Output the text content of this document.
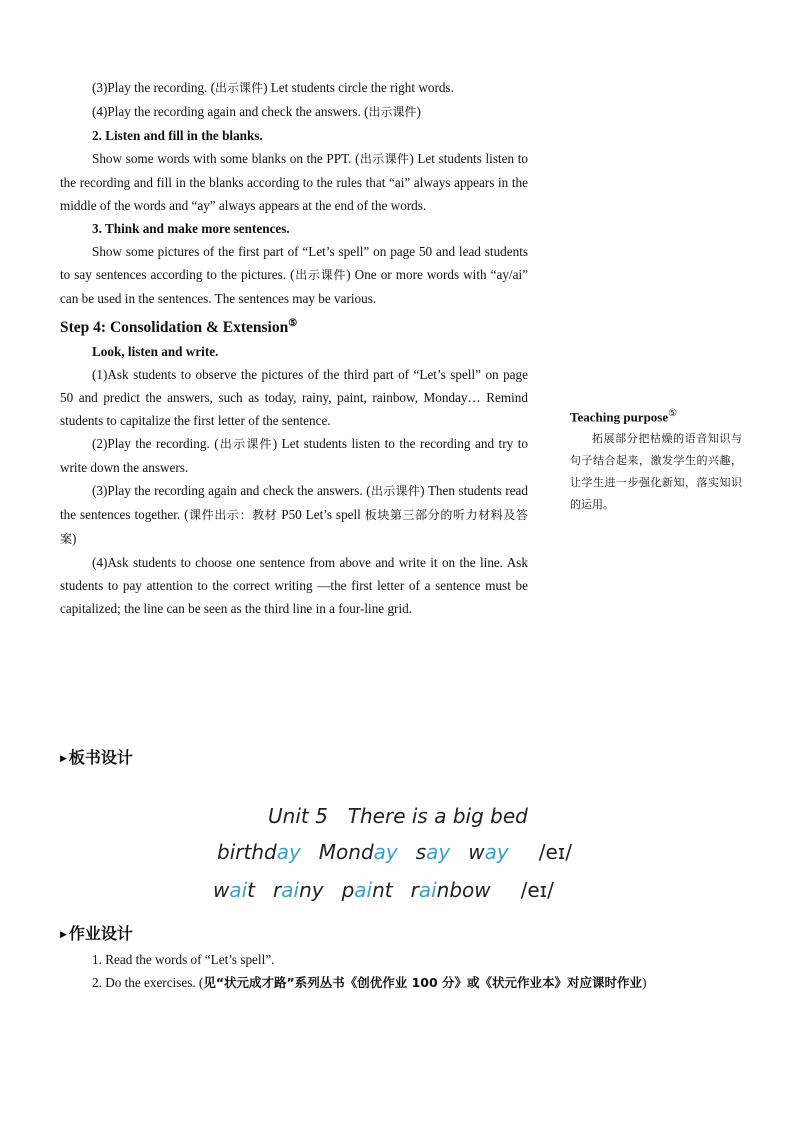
(3)Play the recording. (出示课件) Let students circle the right words.

(4)Play the recording again and check the answers. (出示课件)

2. Listen and fill in the blanks.

Show some words with some blanks on the PPT. (出示课件) Let students listen to the recording and fill in the blanks according to the rules that “ai” always appears in the middle of the words and “ay” always appears at the end of the words.

3. Think and make more sentences.

Show some pictures of the first part of “Let’s spell” on page 50 and lead students to say sentences according to the pictures. (出示课件) One or more words with “ay/ai” can be used in the sentences. The sentences may be various.

Step 4: Consolidation & Extension⑤

Look, listen and write.

(1)Ask students to observe the pictures of the third part of “Let’s spell” on page 50 and predict the answers, such as today, rainy, paint, rainbow, Monday… Remind students to capitalize the first letter of the sentence.

(2)Play the recording. (出示课件) Let students listen to the recording and try to write down the answers.

(3)Play the recording again and check the answers. (出示课件) Then students read the sentences together. (课件出示：教材 P50 Let’s spell 板块第三部分的听力材料及答案)

(4)Ask students to choose one sentence from above and write it on the line. Ask students to pay attention to the correct writing —the first letter of a sentence must be capitalized; the line can be seen as the third line in a four-line grid.

Teaching purpose⑤
拓展部分把枯燥的语音知识与句子结合起来，激发学生的兴趣，让学生进一步强化新知，落实知识的运用。
▶ 板书设计
Unit 5　There is a big bed
birthday Monday say way /eɪ/
wait rainy paint rainbow /eɪ/
▶ 作业设计

1. Read the words of “Let’s spell”.

2. Do the exercises. (见“状元成才路”系列丛书《创优作业 100 分》或《状元作业本》对应课时作业)
